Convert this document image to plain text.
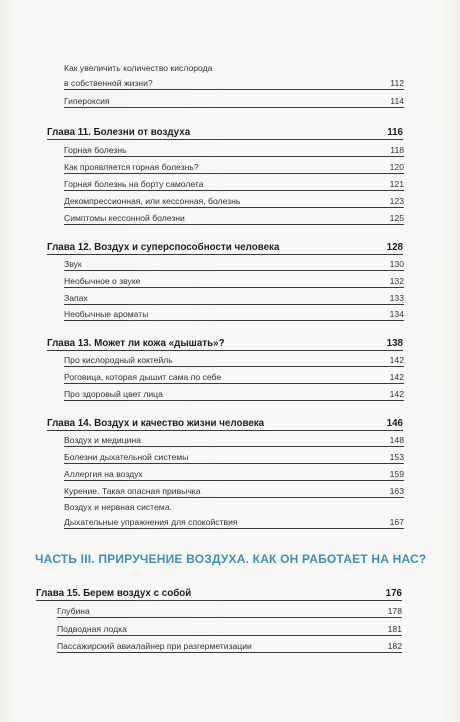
Как увеличить количество кислорода
в собственной жизни?	112
Гипероксия	114
Глава 11. Болезни от воздуха	116
Горная болезнь	118
Как проявляется горная болезнь?	120
Горная болезнь на борту самолета	121
Декомпрессионная, или кессонная, болезнь	123
Симптомы кессонной болезни	125
Глава 12. Воздух и суперспособности человека	128
Звук	130
Необычное о звуке	132
Запах	133
Необычные ароматы	134
Глава 13. Может ли кожа «дышать»?	138
Про кислородный коктейль	142
Роговица, которая дышит сама по себе	142
Про здоровый цвет лица	142
Глава 14. Воздух и качество жизни человека	146
Воздух и медицина	148
Болезни дыхательной системы	153
Аллергия на воздух	159
Курение. Такая опасная привычка	163
Воздух и нервная система.
Дыхательные упражнения для спокойствия	167
ЧАСТЬ III. ПРИРУЧЕНИЕ ВОЗДУХА. КАК ОН РАБОТАЕТ НА НАС?
Глава 15. Берем воздух с собой	176
Глубина	178
Подводная лодка	181
Пассажирский авиалайнер при разгерметизации	182
